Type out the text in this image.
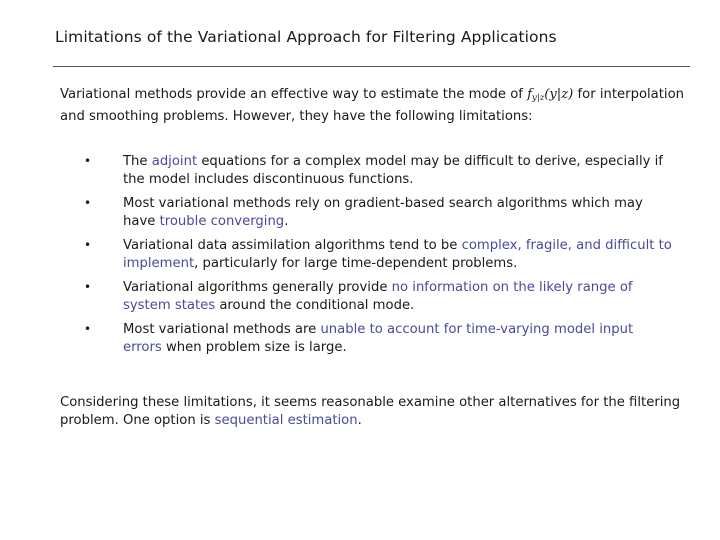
Limitations of the Variational Approach for Filtering Applications

Variational methods provide an effective way to estimate the mode of $f_{y|z}(y|z)$ for interpolation and smoothing problems. However, they have the following limitations:

• The adjoint equations for a complex model may be difficult to derive, especially if the model includes discontinuous functions.
• Most variational methods rely on gradient-based search algorithms which may have trouble converging.
• Variational data assimilation algorithms tend to be complex, fragile, and difficult to implement, particularly for large time-dependent problems.
• Variational algorithms generally provide no information on the likely range of system states around the conditional mode.
• Most variational methods are unable to account for time-varying model input errors when problem size is large.

Considering these limitations, it seems reasonable examine other alternatives for the filtering problem. One option is sequential estimation.
